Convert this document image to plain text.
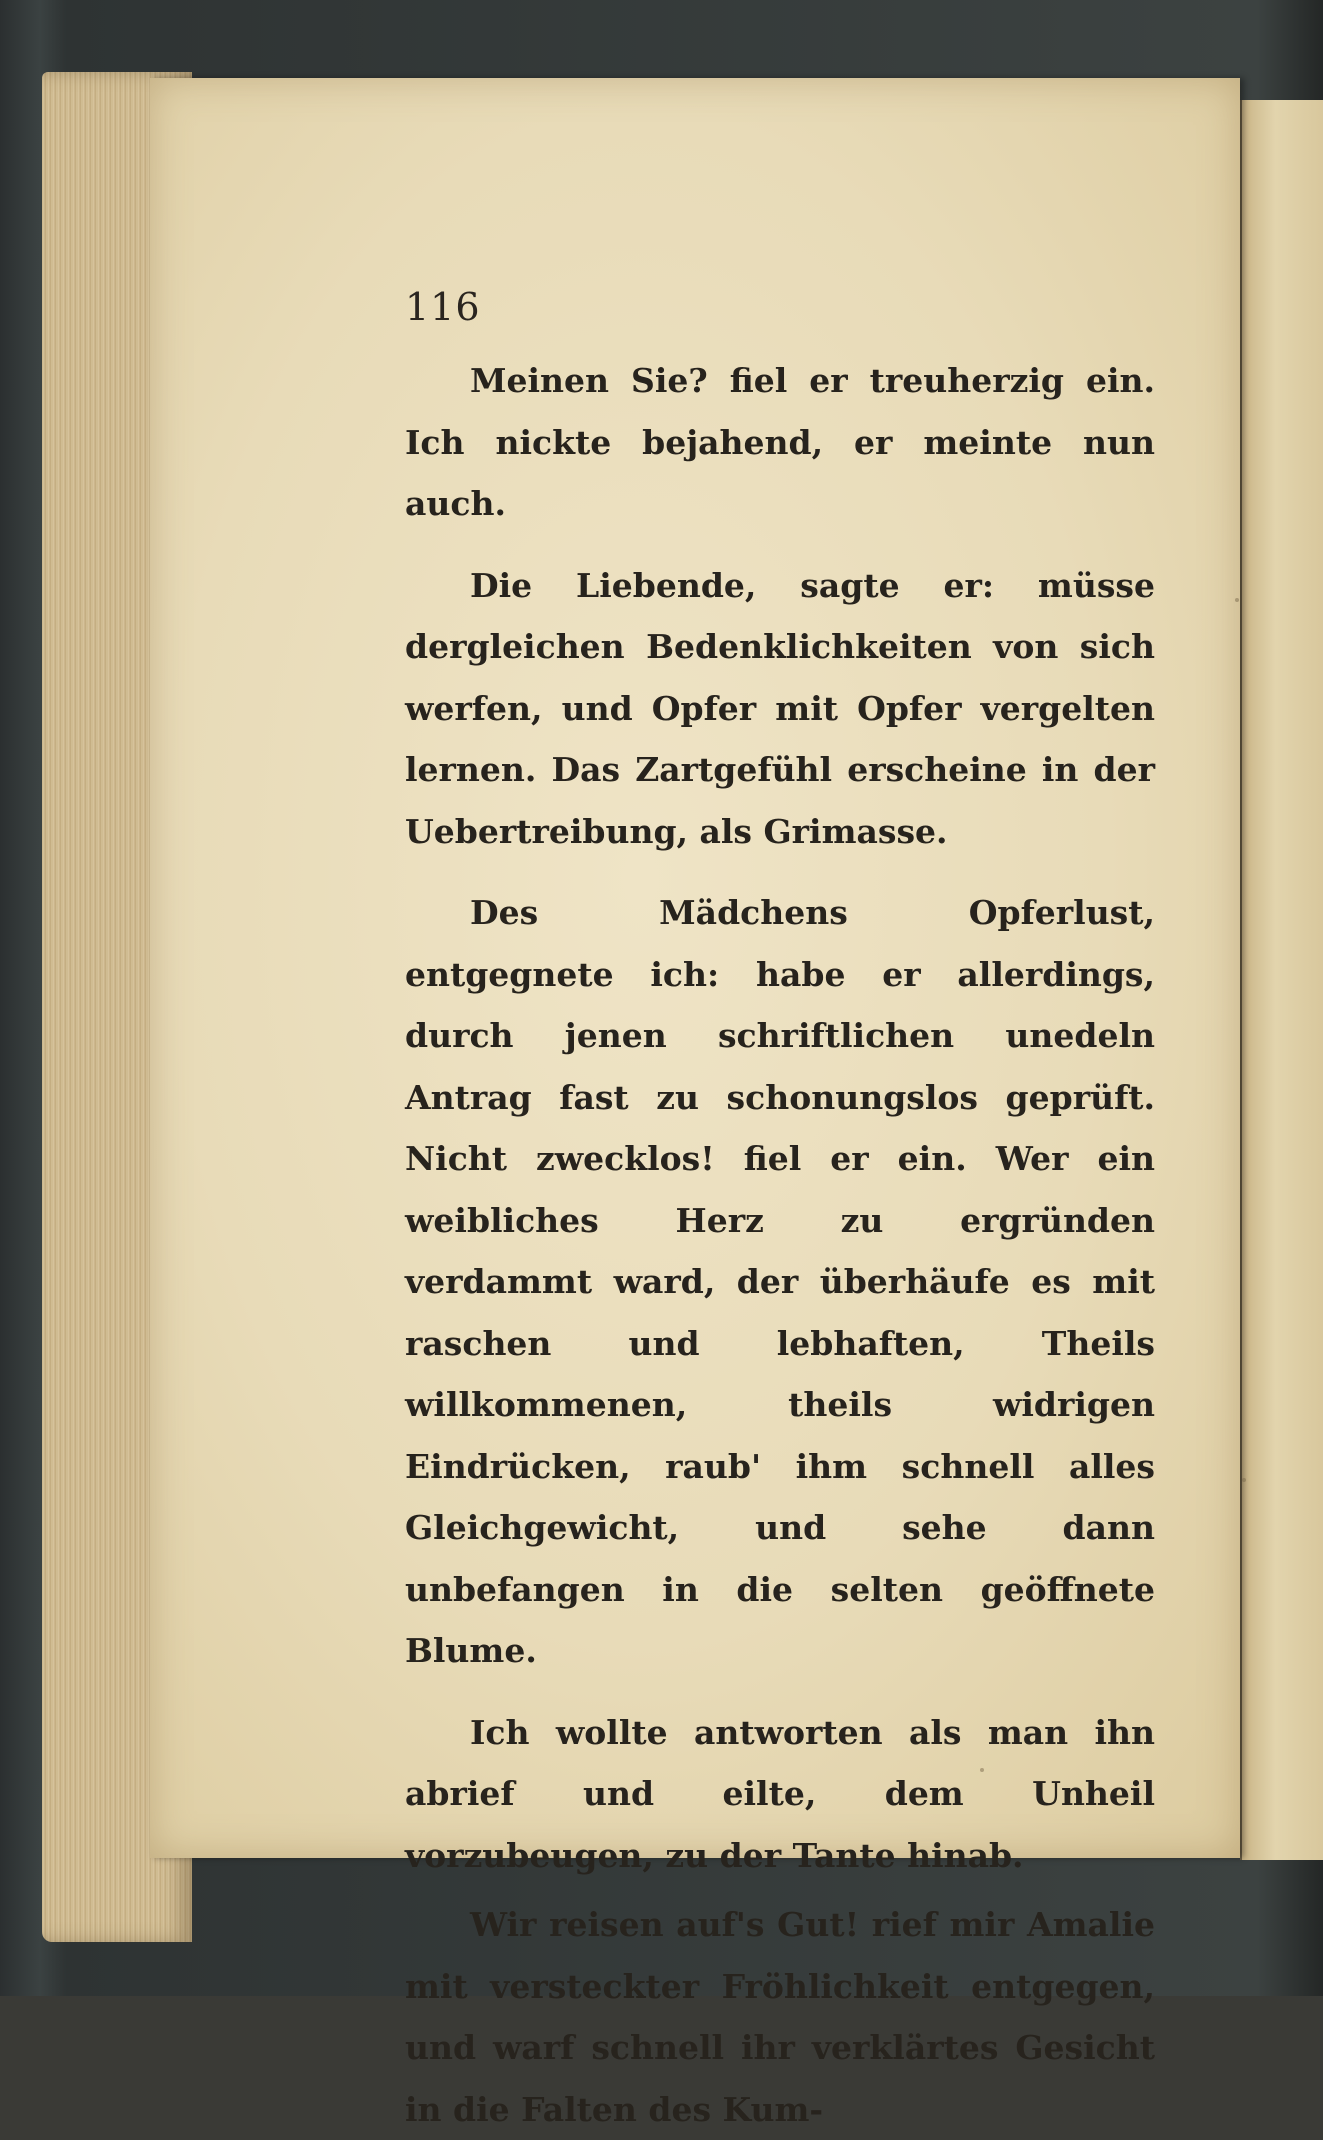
116

Meinen Sie? fiel er treuherzig ein. Ich nickte bejahend, er meinte nun auch.

Die Liebende, sagte er: müsse dergleichen Bedenklichkeiten von sich werfen, und Opfer mit Opfer vergelten lernen. Das Zartgefühl erscheine in der Uebertreibung, als Grimasse.

Des Mädchens Opferlust, entgegnete ich: habe er allerdings, durch jenen schriftlichen unedeln Antrag fast zu schonungslos geprüft. Nicht zwecklos! fiel er ein. Wer ein weibliches Herz zu ergründen verdammt ward, der überhäufe es mit raschen und lebhaften, Theils willkommenen, theils widrigen Eindrücken, raub' ihm schnell alles Gleichgewicht, und sehe dann unbefangen in die selten geöffnete Blume.

Ich wollte antworten als man ihn abrief und eilte, dem Unheil vorzubeugen, zu der Tante hinab.

Wir reisen auf's Gut! rief mir Amalie mit versteckter Fröhlichkeit entgegen, und warf schnell ihr verklärtes Gesicht in die Falten des Kum-
